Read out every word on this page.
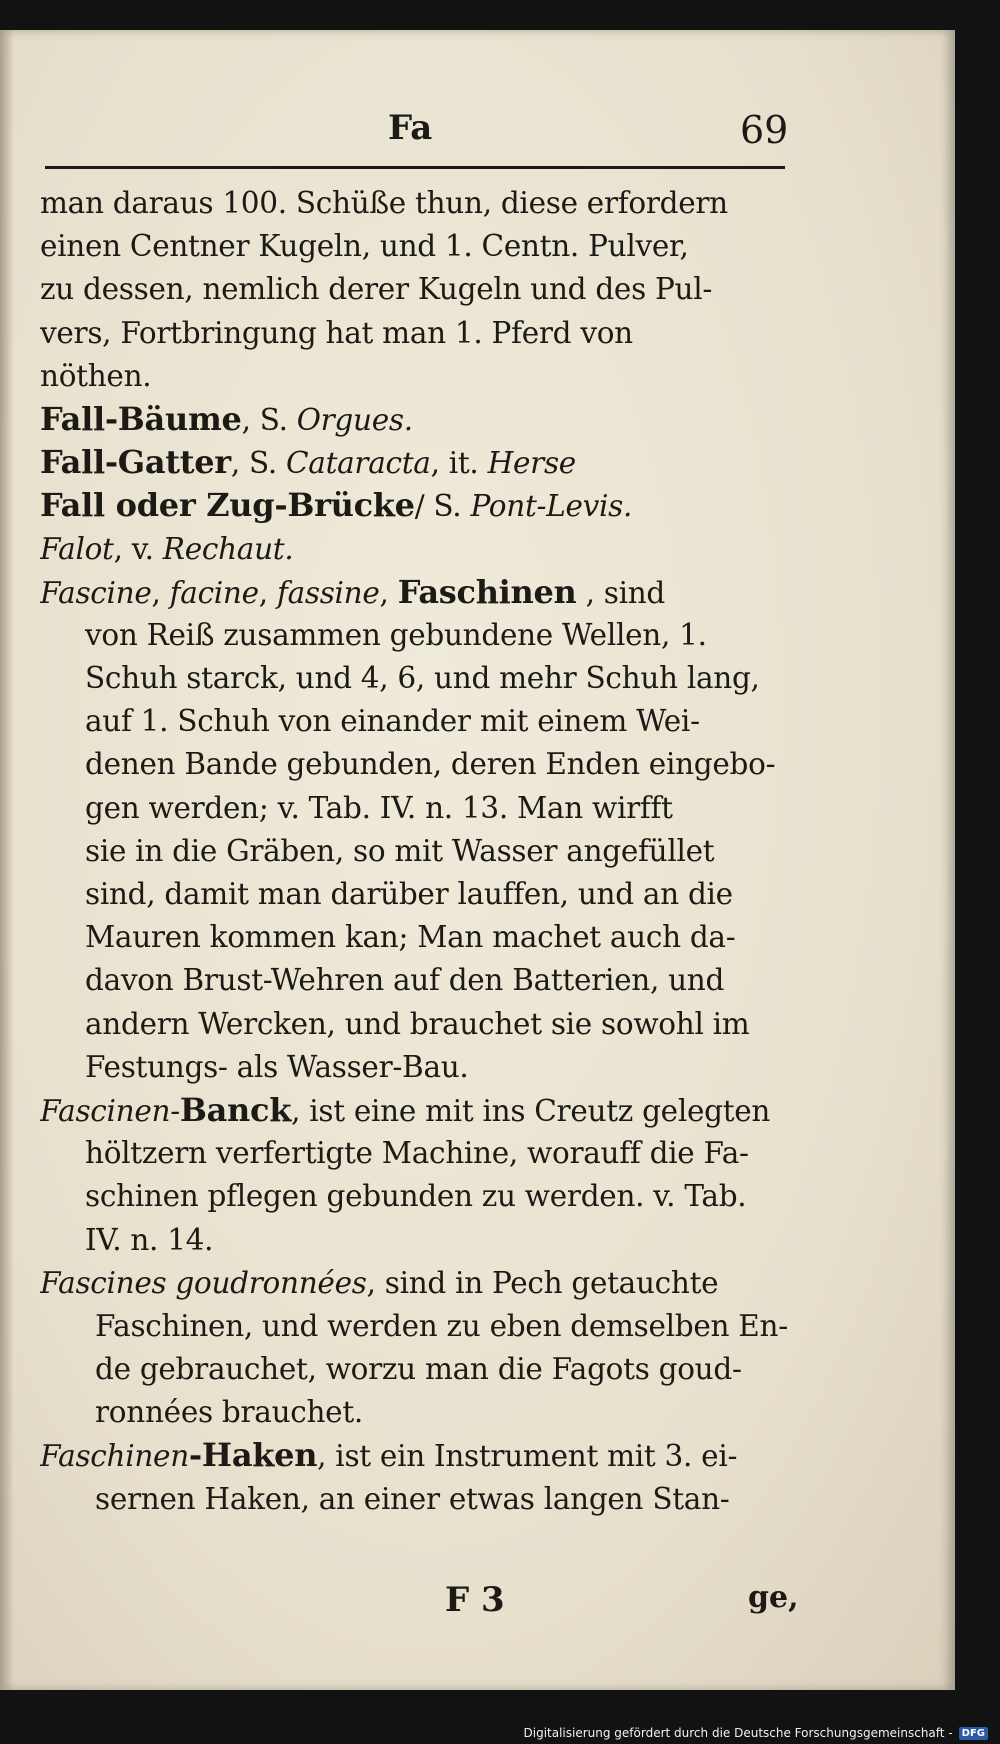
Fa	69
man daraus 100. Schüße thun, diese erfordern
einen Centner Kugeln, und 1. Centn. Pulver,
zu dessen, nemlich derer Kugeln und des Pul-
vers, Fortbringung hat man 1. Pferd von
nöthen.
Fall-Bäume, S. Orgues.
Fall-Gatter, S. Cataracta, it. Herse
Fall oder Zug-Brücke/ S. Pont-Levis.
Falot, v. Rechaut.
Fascine, facine, fassine, Faschinen , sind
von Reiß zusammen gebundene Wellen, 1.
Schuh starck, und 4, 6, und mehr Schuh lang,
auf 1. Schuh von einander mit einem Wei-
denen Bande gebunden, deren Enden eingebo-
gen werden; v. Tab. IV. n. 13. Man wirfft
sie in die Gräben, so mit Wasser angefüllet
sind, damit man darüber lauffen, und an die
Mauren kommen kan; Man machet auch da-
davon Brust-Wehren auf den Batterien, und
andern Wercken, und brauchet sie sowohl im
Festungs- als Wasser-Bau.
Fascinen-Banck, ist eine mit ins Creutz gelegten
höltzern verfertigte Machine, worauff die Fa-
schinen pflegen gebunden zu werden. v. Tab.
IV. n. 14.
Fascines goudronnées, sind in Pech getauchte
Faschinen, und werden zu eben demselben En-
de gebrauchet, worzu man die Fagots goud-
ronnées brauchet.
Faschinen-Haken, ist ein Instrument mit 3. ei-
sernen Haken, an einer etwas langen Stan-
F 3	ge,
Digitalisierung gefördert durch die Deutsche Forschungsgemeinschaft - DFG
